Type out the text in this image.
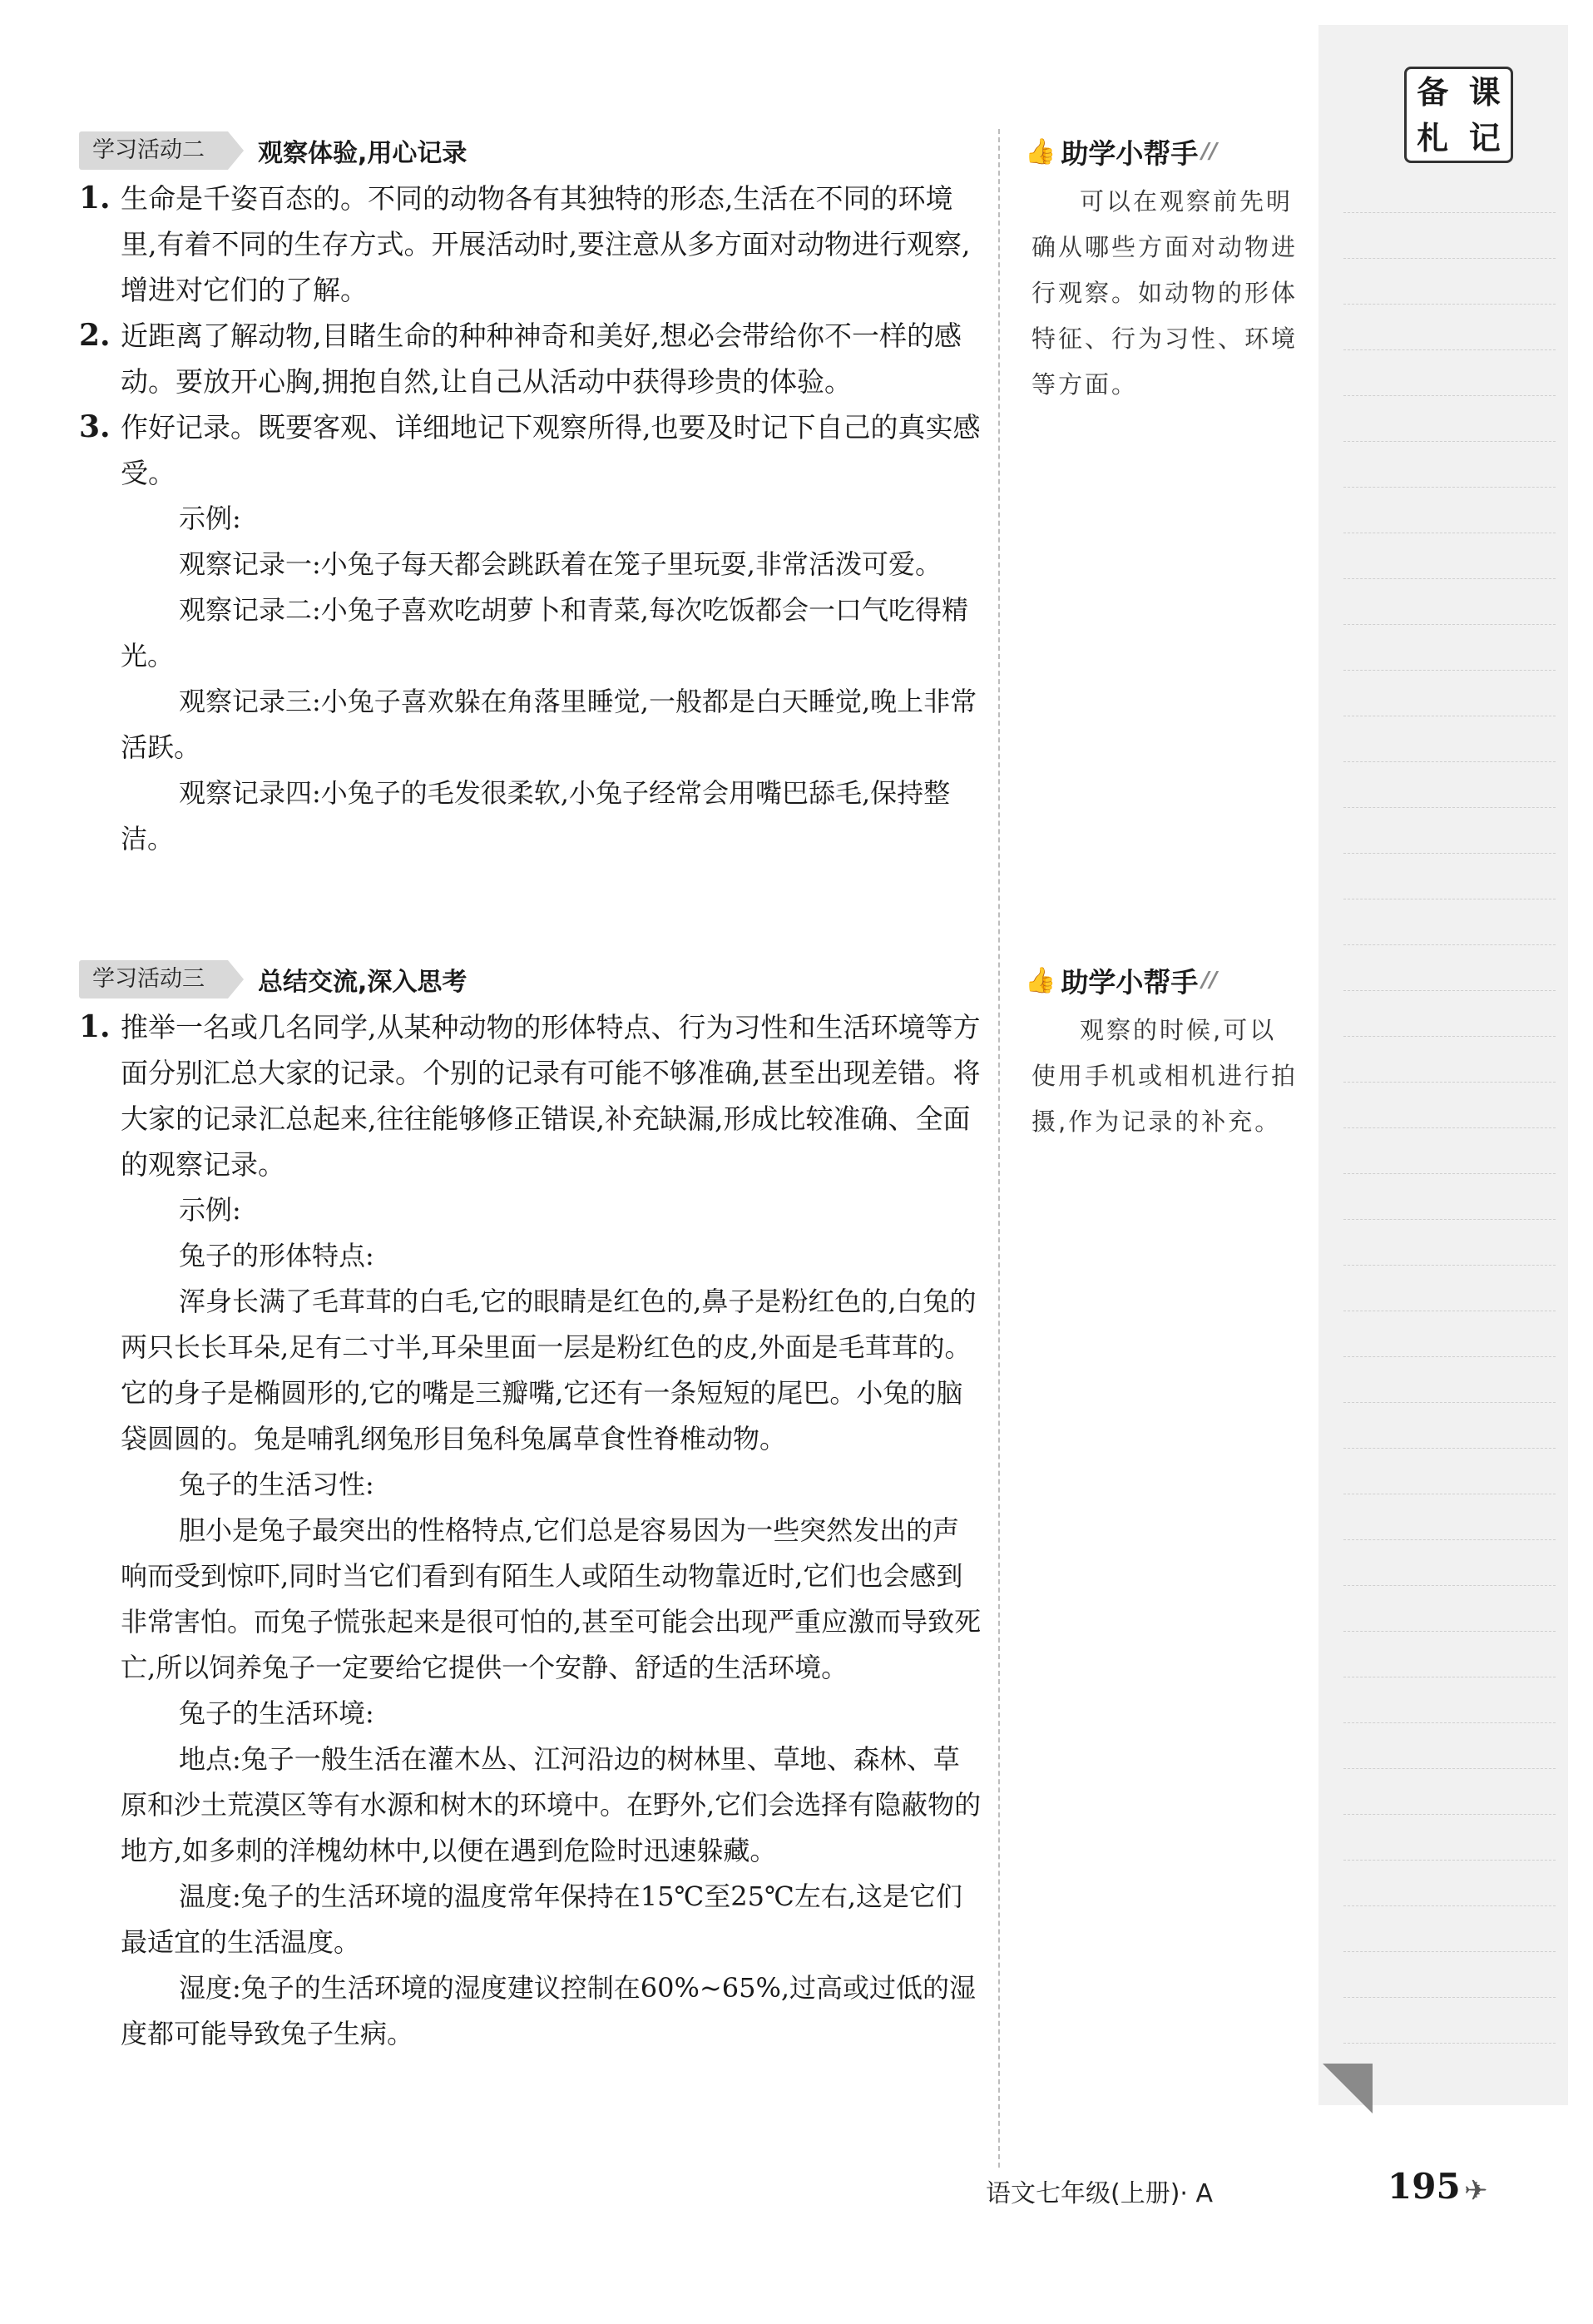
备 课
札 记
学习活动二	观察体验,用心记录

1. 生命是千姿百态的。不同的动物各有其独特的形态,生活在不同的环境里,有着不同的生存方式。开展活动时,要注意从多方面对动物进行观察,增进对它们的了解。

2. 近距离了解动物,目睹生命的种种神奇和美好,想必会带给你不一样的感动。要放开心胸,拥抱自然,让自己从活动中获得珍贵的体验。

3. 作好记录。既要客观、详细地记下观察所得,也要及时记下自己的真实感受。

示例:

观察记录一:小兔子每天都会跳跃着在笼子里玩耍,非常活泼可爱。

观察记录二:小兔子喜欢吃胡萝卜和青菜,每次吃饭都会一口气吃得精光。

观察记录三:小兔子喜欢躲在角落里睡觉,一般都是白天睡觉,晚上非常活跃。

观察记录四:小兔子的毛发很柔软,小兔子经常会用嘴巴舔毛,保持整洁。

学习活动三	总结交流,深入思考

1. 推举一名或几名同学,从某种动物的形体特点、行为习性和生活环境等方面分别汇总大家的记录。个别的记录有可能不够准确,甚至出现差错。将大家的记录汇总起来,往往能够修正错误,补充缺漏,形成比较准确、全面的观察记录。

示例:

兔子的形体特点:

浑身长满了毛茸茸的白毛,它的眼睛是红色的,鼻子是粉红色的,白兔的两只长长耳朵,足有二寸半,耳朵里面一层是粉红色的皮,外面是毛茸茸的。它的身子是椭圆形的,它的嘴是三瓣嘴,它还有一条短短的尾巴。小兔的脑袋圆圆的。兔是哺乳纲兔形目兔科兔属草食性脊椎动物。

兔子的生活习性:

胆小是兔子最突出的性格特点,它们总是容易因为一些突然发出的声响而受到惊吓,同时当它们看到有陌生人或陌生动物靠近时,它们也会感到非常害怕。而兔子慌张起来是很可怕的,甚至可能会出现严重应激而导致死亡,所以饲养兔子一定要给它提供一个安静、舒适的生活环境。

兔子的生活环境:

地点:兔子一般生活在灌木丛、江河沿边的树林里、草地、森林、草原和沙土荒漠区等有水源和树木的环境中。在野外,它们会选择有隐蔽物的地方,如多刺的洋槐幼林中,以便在遇到危险时迅速躲藏。

温度:兔子的生活环境的温度常年保持在15℃至25℃左右,这是它们最适宜的生活温度。

湿度:兔子的生活环境的湿度建议控制在60%~65%,过高或过低的湿度都可能导致兔子生病。

👍 助学小帮手 //

可以在观察前先明确从哪些方面对动物进行观察。如动物的形体特征、行为习性、环境等方面。

👍 助学小帮手 //

观察的时候,可以使用手机或相机进行拍摄,作为记录的补充。

语文七年级(上册)· A	195 ✈
